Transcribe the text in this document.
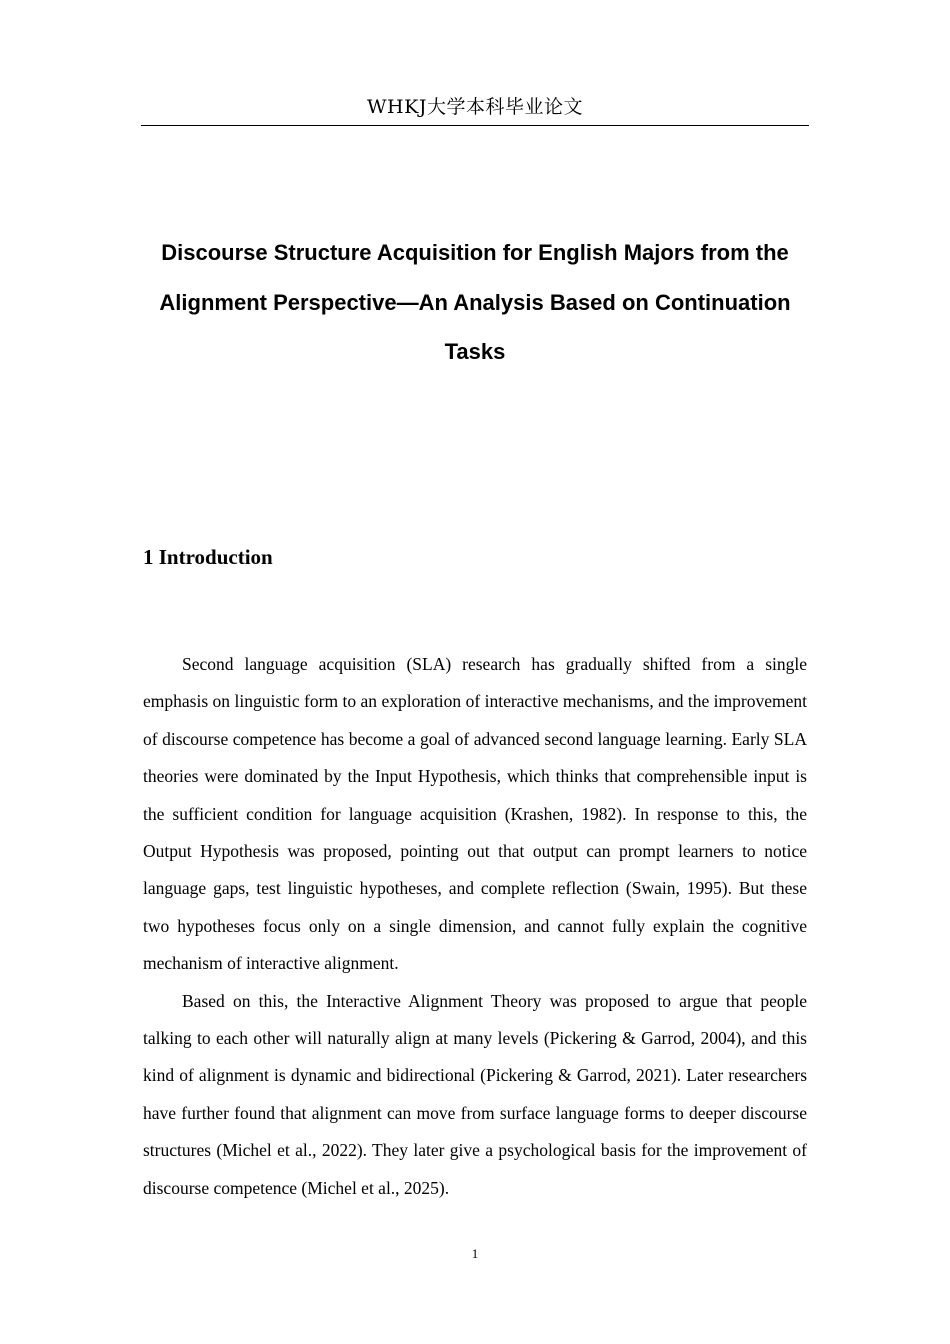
WHKJ大学本科毕业论文
Discourse Structure Acquisition for English Majors from the Alignment Perspective—An Analysis Based on Continuation Tasks
1 Introduction

Second language acquisition (SLA) research has gradually shifted from a single emphasis on linguistic form to an exploration of interactive mechanisms, and the improvement of discourse competence has become a goal of advanced second language learning. Early SLA theories were dominated by the Input Hypothesis, which thinks that comprehensible input is the sufficient condition for language acquisition (Krashen, 1982). In response to this, the Output Hypothesis was proposed, pointing out that output can prompt learners to notice language gaps, test linguistic hypotheses, and complete reflection (Swain, 1995). But these two hypotheses focus only on a single dimension, and cannot fully explain the cognitive mechanism of interactive alignment.

Based on this, the Interactive Alignment Theory was proposed to argue that people talking to each other will naturally align at many levels (Pickering & Garrod, 2004), and this kind of alignment is dynamic and bidirectional (Pickering & Garrod, 2021). Later researchers have further found that alignment can move from surface language forms to deeper discourse structures (Michel et al., 2022). They later give a psychological basis for the improvement of discourse competence (Michel et al., 2025).

1
